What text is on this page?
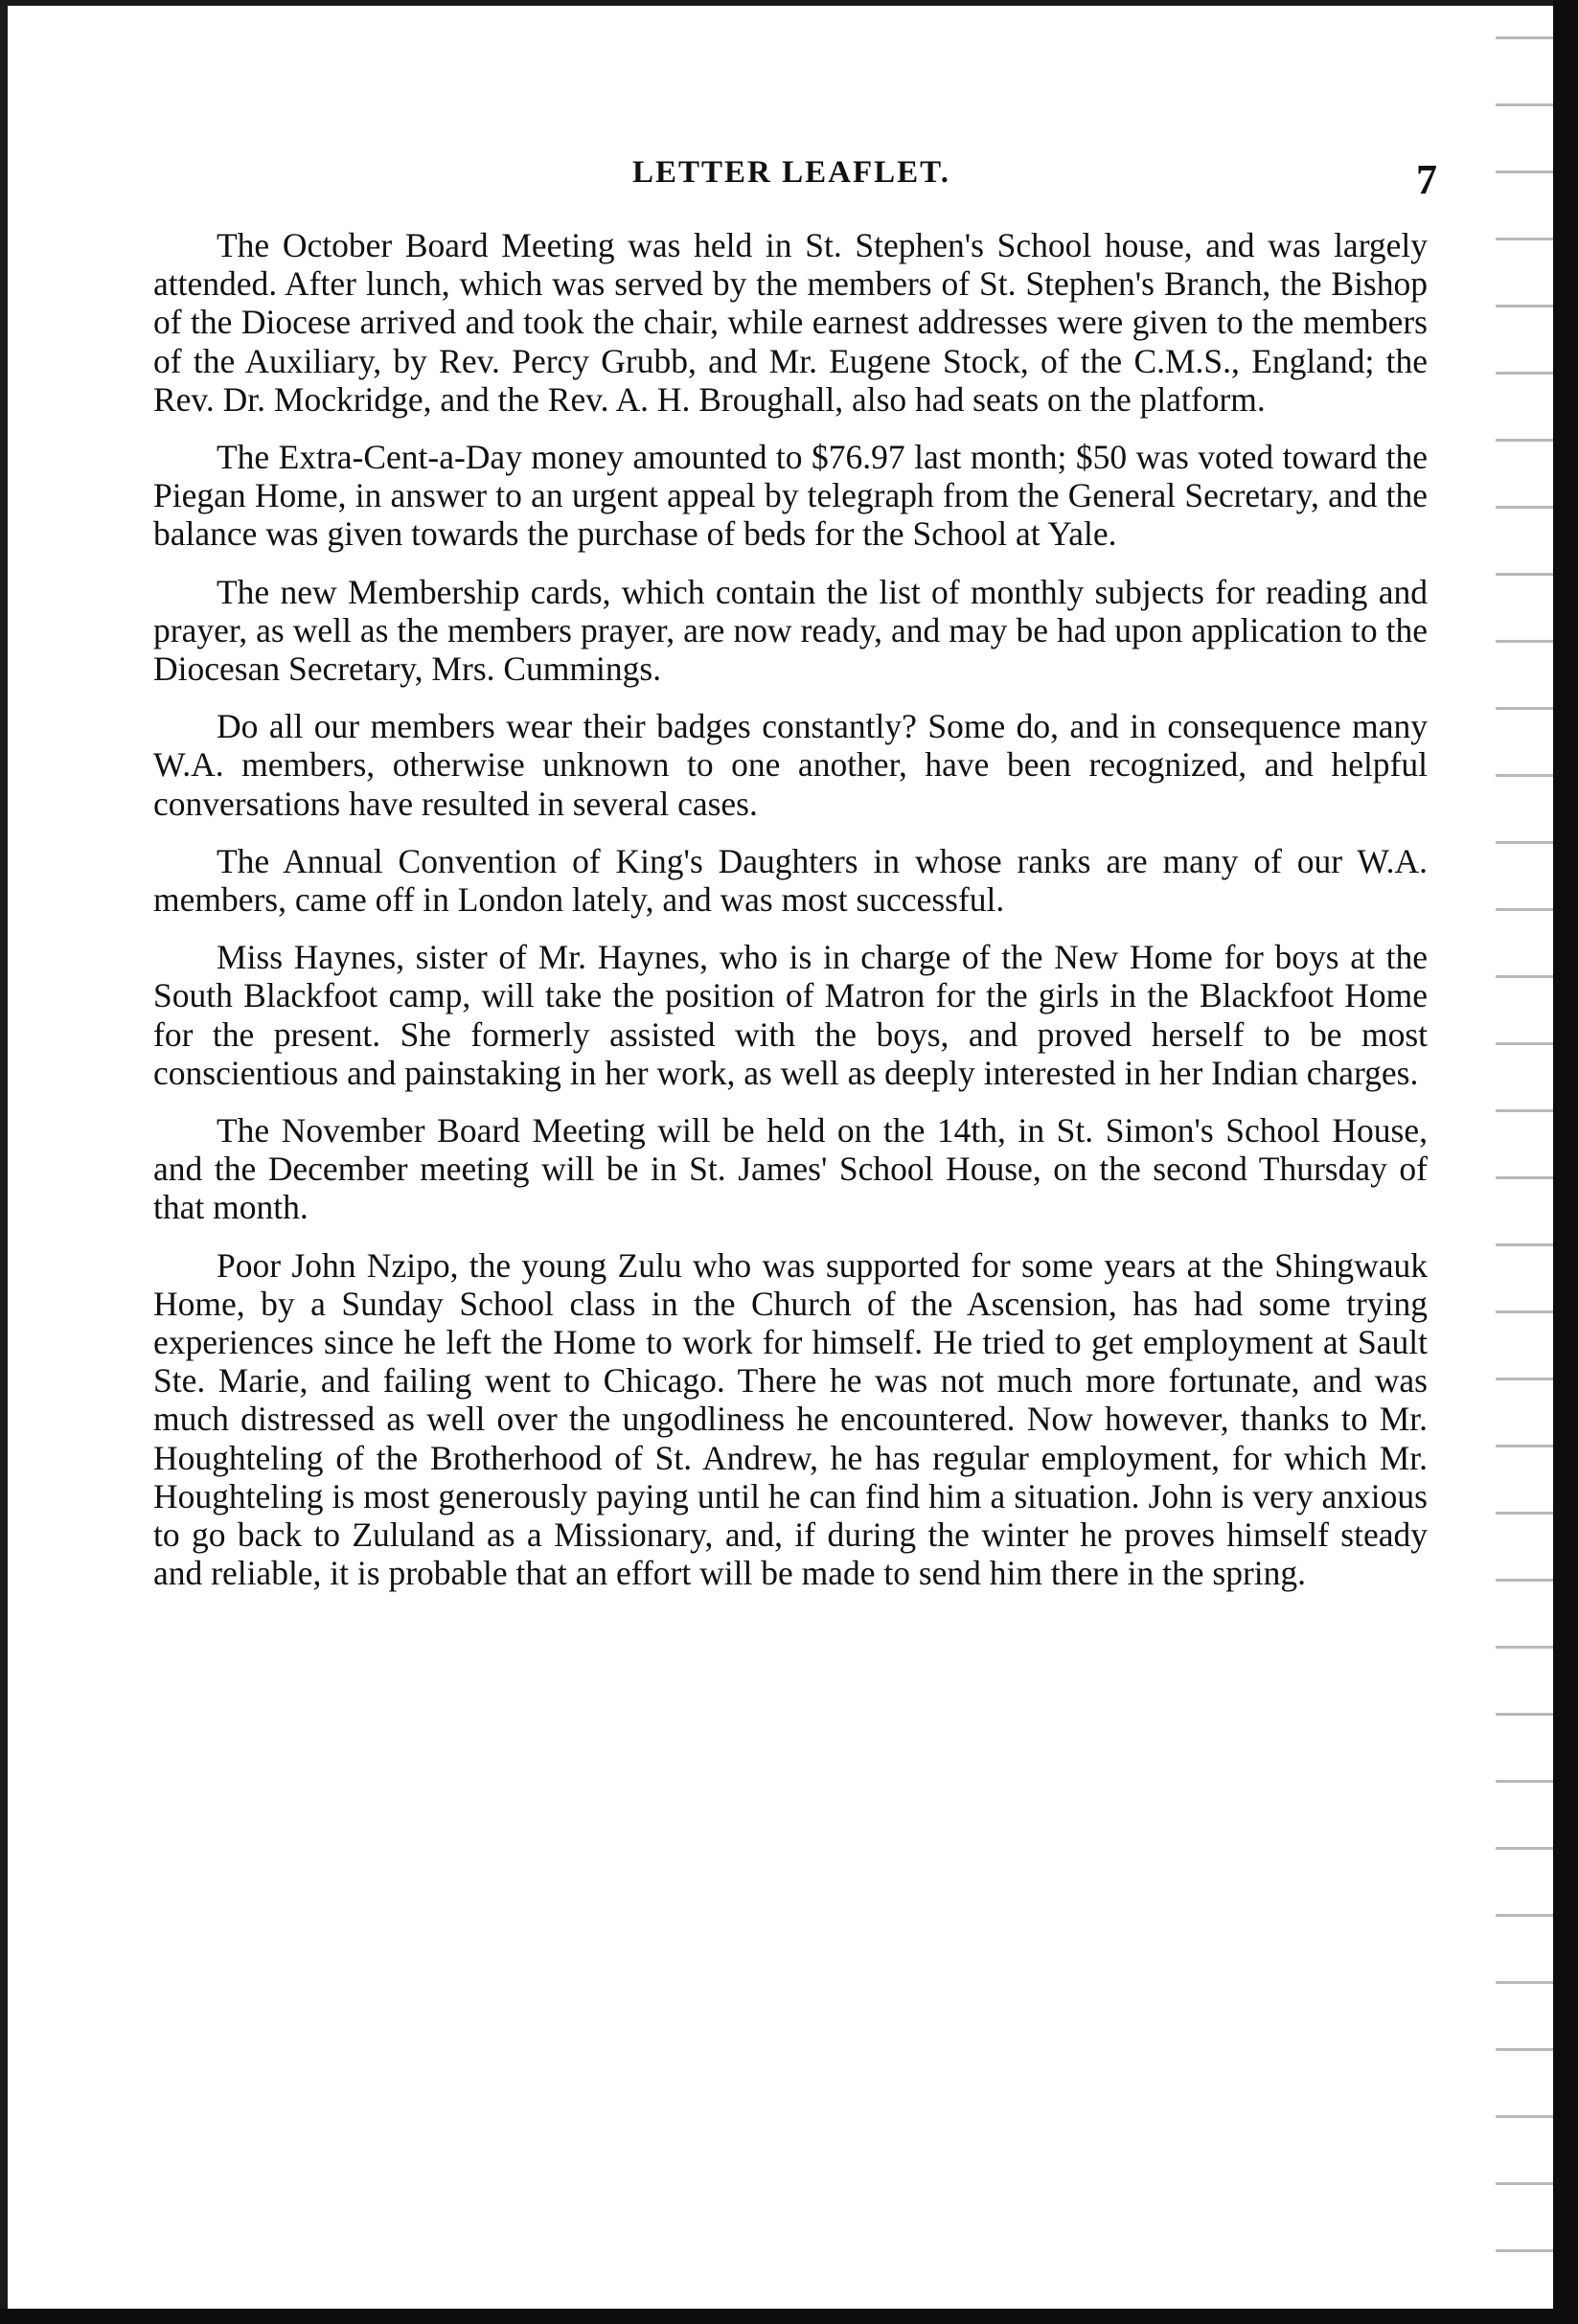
LETTER LEAFLET.	7

The October Board Meeting was held in St. Stephen's School house, and was largely attended. After lunch, which was served by the members of St. Stephen's Branch, the Bishop of the Diocese arrived and took the chair, while earnest addresses were given to the members of the Auxiliary, by Rev. Percy Grubb, and Mr. Eugene Stock, of the C.M.S., England; the Rev. Dr. Mockridge, and the Rev. A. H. Broughall, also had seats on the platform.

The Extra-Cent-a-Day money amounted to $76.97 last month; $50 was voted toward the Piegan Home, in answer to an urgent appeal by telegraph from the General Secretary, and the balance was given towards the purchase of beds for the School at Yale.

The new Membership cards, which contain the list of monthly subjects for reading and prayer, as well as the members prayer, are now ready, and may be had upon application to the Diocesan Secretary, Mrs. Cummings.

Do all our members wear their badges constantly? Some do, and in consequence many W.A. members, otherwise unknown to one another, have been recognized, and helpful conversations have resulted in several cases.

The Annual Convention of King's Daughters in whose ranks are many of our W.A. members, came off in London lately, and was most successful.

Miss Haynes, sister of Mr. Haynes, who is in charge of the New Home for boys at the South Blackfoot camp, will take the position of Matron for the girls in the Blackfoot Home for the present. She formerly assisted with the boys, and proved herself to be most conscientious and painstaking in her work, as well as deeply interested in her Indian charges.

The November Board Meeting will be held on the 14th, in St. Simon's School House, and the December meeting will be in St. James' School House, on the second Thursday of that month.

Poor John Nzipo, the young Zulu who was supported for some years at the Shingwauk Home, by a Sunday School class in the Church of the Ascension, has had some trying experiences since he left the Home to work for himself. He tried to get employment at Sault Ste. Marie, and failing went to Chicago. There he was not much more fortunate, and was much distressed as well over the ungodliness he encountered. Now however, thanks to Mr. Houghteling of the Brotherhood of St. Andrew, he has regular employment, for which Mr. Houghteling is most generously paying until he can find him a situation. John is very anxious to go back to Zululand as a Missionary, and, if during the winter he proves himself steady and reliable, it is probable that an effort will be made to send him there in the spring.
